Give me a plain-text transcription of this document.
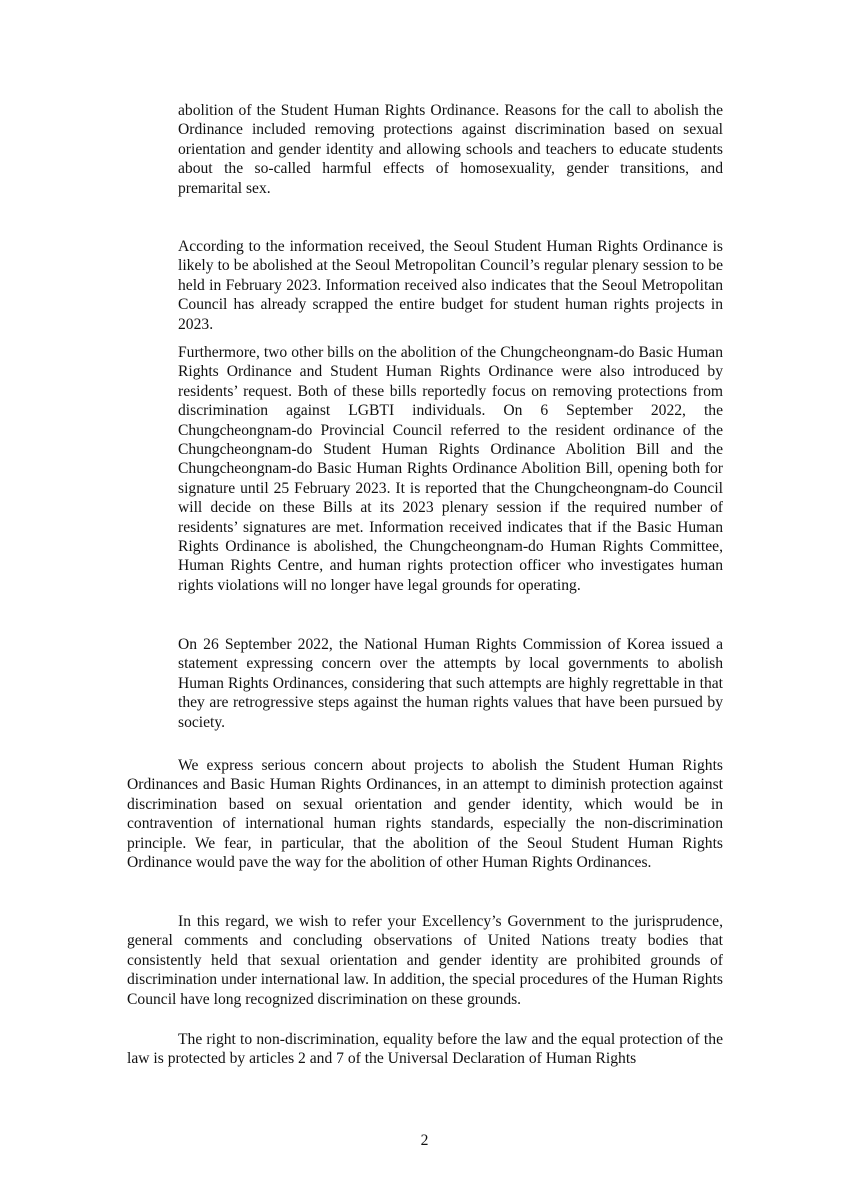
abolition of the Student Human Rights Ordinance. Reasons for the call to abolish the Ordinance included removing protections against discrimination based on sexual orientation and gender identity and allowing schools and teachers to educate students about the so-called harmful effects of homosexuality, gender transitions, and premarital sex.

According to the information received, the Seoul Student Human Rights Ordinance is likely to be abolished at the Seoul Metropolitan Council’s regular plenary session to be held in February 2023. Information received also indicates that the Seoul Metropolitan Council has already scrapped the entire budget for student human rights projects in 2023.

Furthermore, two other bills on the abolition of the Chungcheongnam-do Basic Human Rights Ordinance and Student Human Rights Ordinance were also introduced by residents’ request. Both of these bills reportedly focus on removing protections from discrimination against LGBTI individuals. On 6 September 2022, the Chungcheongnam-do Provincial Council referred to the resident ordinance of the Chungcheongnam-do Student Human Rights Ordinance Abolition Bill and the Chungcheongnam-do Basic Human Rights Ordinance Abolition Bill, opening both for signature until 25 February 2023. It is reported that the Chungcheongnam-do Council will decide on these Bills at its 2023 plenary session if the required number of residents’ signatures are met. Information received indicates that if the Basic Human Rights Ordinance is abolished, the Chungcheongnam-do Human Rights Committee, Human Rights Centre, and human rights protection officer who investigates human rights violations will no longer have legal grounds for operating.

On 26 September 2022, the National Human Rights Commission of Korea issued a statement expressing concern over the attempts by local governments to abolish Human Rights Ordinances, considering that such attempts are highly regrettable in that they are retrogressive steps against the human rights values that have been pursued by society.

We express serious concern about projects to abolish the Student Human Rights Ordinances and Basic Human Rights Ordinances, in an attempt to diminish protection against discrimination based on sexual orientation and gender identity, which would be in contravention of international human rights standards, especially the non-discrimination principle. We fear, in particular, that the abolition of the Seoul Student Human Rights Ordinance would pave the way for the abolition of other Human Rights Ordinances.

In this regard, we wish to refer your Excellency’s Government to the jurisprudence, general comments and concluding observations of United Nations treaty bodies that consistently held that sexual orientation and gender identity are prohibited grounds of discrimination under international law. In addition, the special procedures of the Human Rights Council have long recognized discrimination on these grounds.

The right to non-discrimination, equality before the law and the equal protection of the law is protected by articles 2 and 7 of the Universal Declaration of Human Rights

2
